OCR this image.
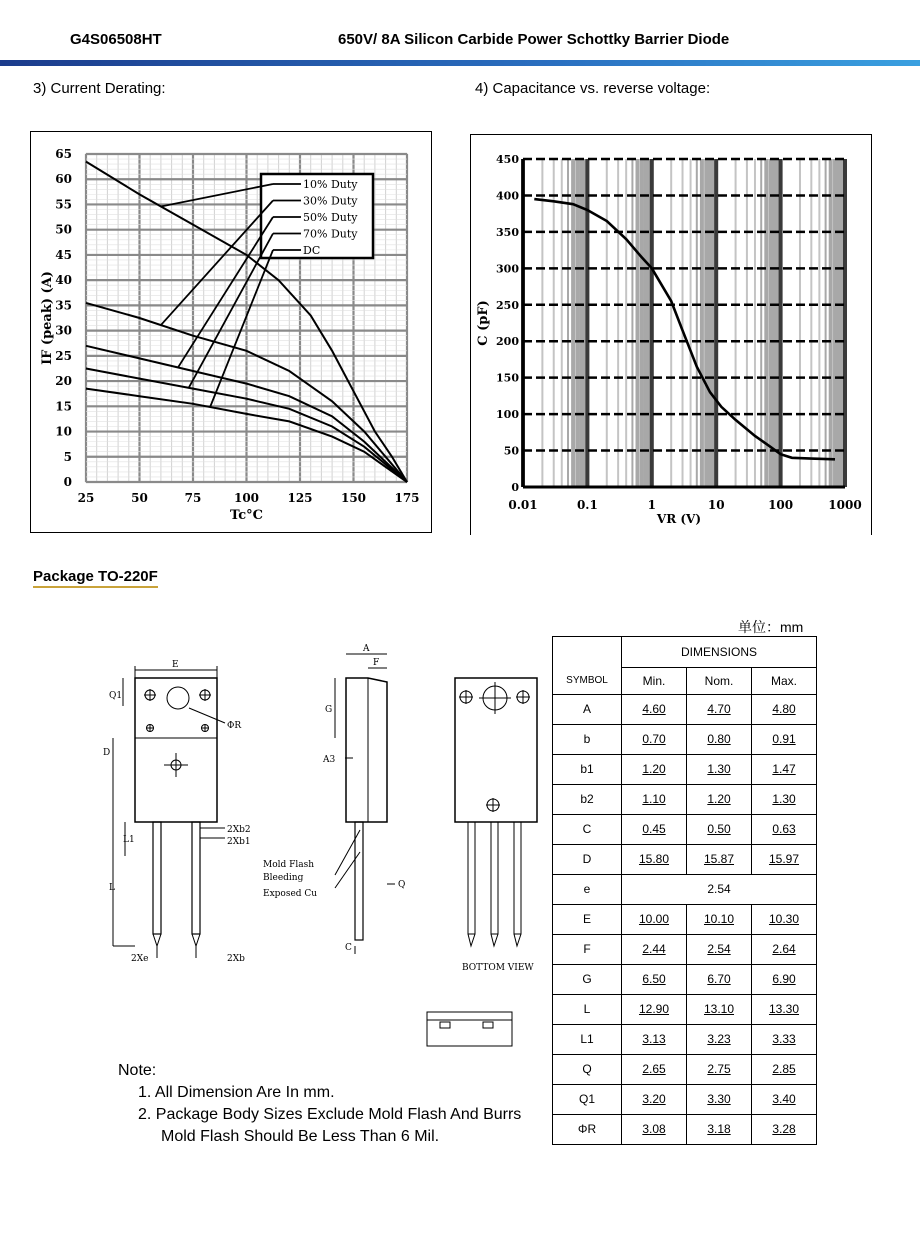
G4S06508HT	650V/ 8A Silicon Carbide Power Schottky Barrier Diode
3) Current Derating:	4) Capacitance vs. reverse voltage:
25	50	75	100 125 150 175
0
5
10
15
20
25
30
35
40
45
50
55
60
65
Tc°C
IF (peak) (A)
10% Duty
30% Duty
50% Duty
70% Duty
DC
0.01	0.1	1	10	100	1000
0
50
100
150
200
250
300
350
400
450
VR (V)
C (pF)
Package TO-220F
E
Q1
ΦR
D
L1
L
2Xb2
2Xb1
2Xe	2Xb
A
F
G
A3
Q
C
Mold Flash
Bleeding
Exposed Cu
BOTTOM VIEW
单位：mm
	DIMENSIONS		
SYMBOL	Min.	Nom.	Max.
A	4.60	4.70	4.80
b	0.70	0.80	0.91
b1	1.20	1.30	1.47
b2	1.10	1.20	1.30
C	0.45	0.50	0.63
D	15.80	15.87	15.97
e	2.54		
E	10.00	10.10	10.30
F	2.44	2.54	2.64
G	6.50	6.70	6.90
L	12.90	13.10	13.30
L1	3.13	3.23	3.33
Q	2.65	2.75	2.85
Q1	3.20	3.30	3.40
ΦR	3.08	3.18	3.28
Note:
1. All Dimension Are In mm.
2. Package Body Sizes Exclude Mold Flash And Burrs
Mold Flash Should Be Less Than 6 Mil.
